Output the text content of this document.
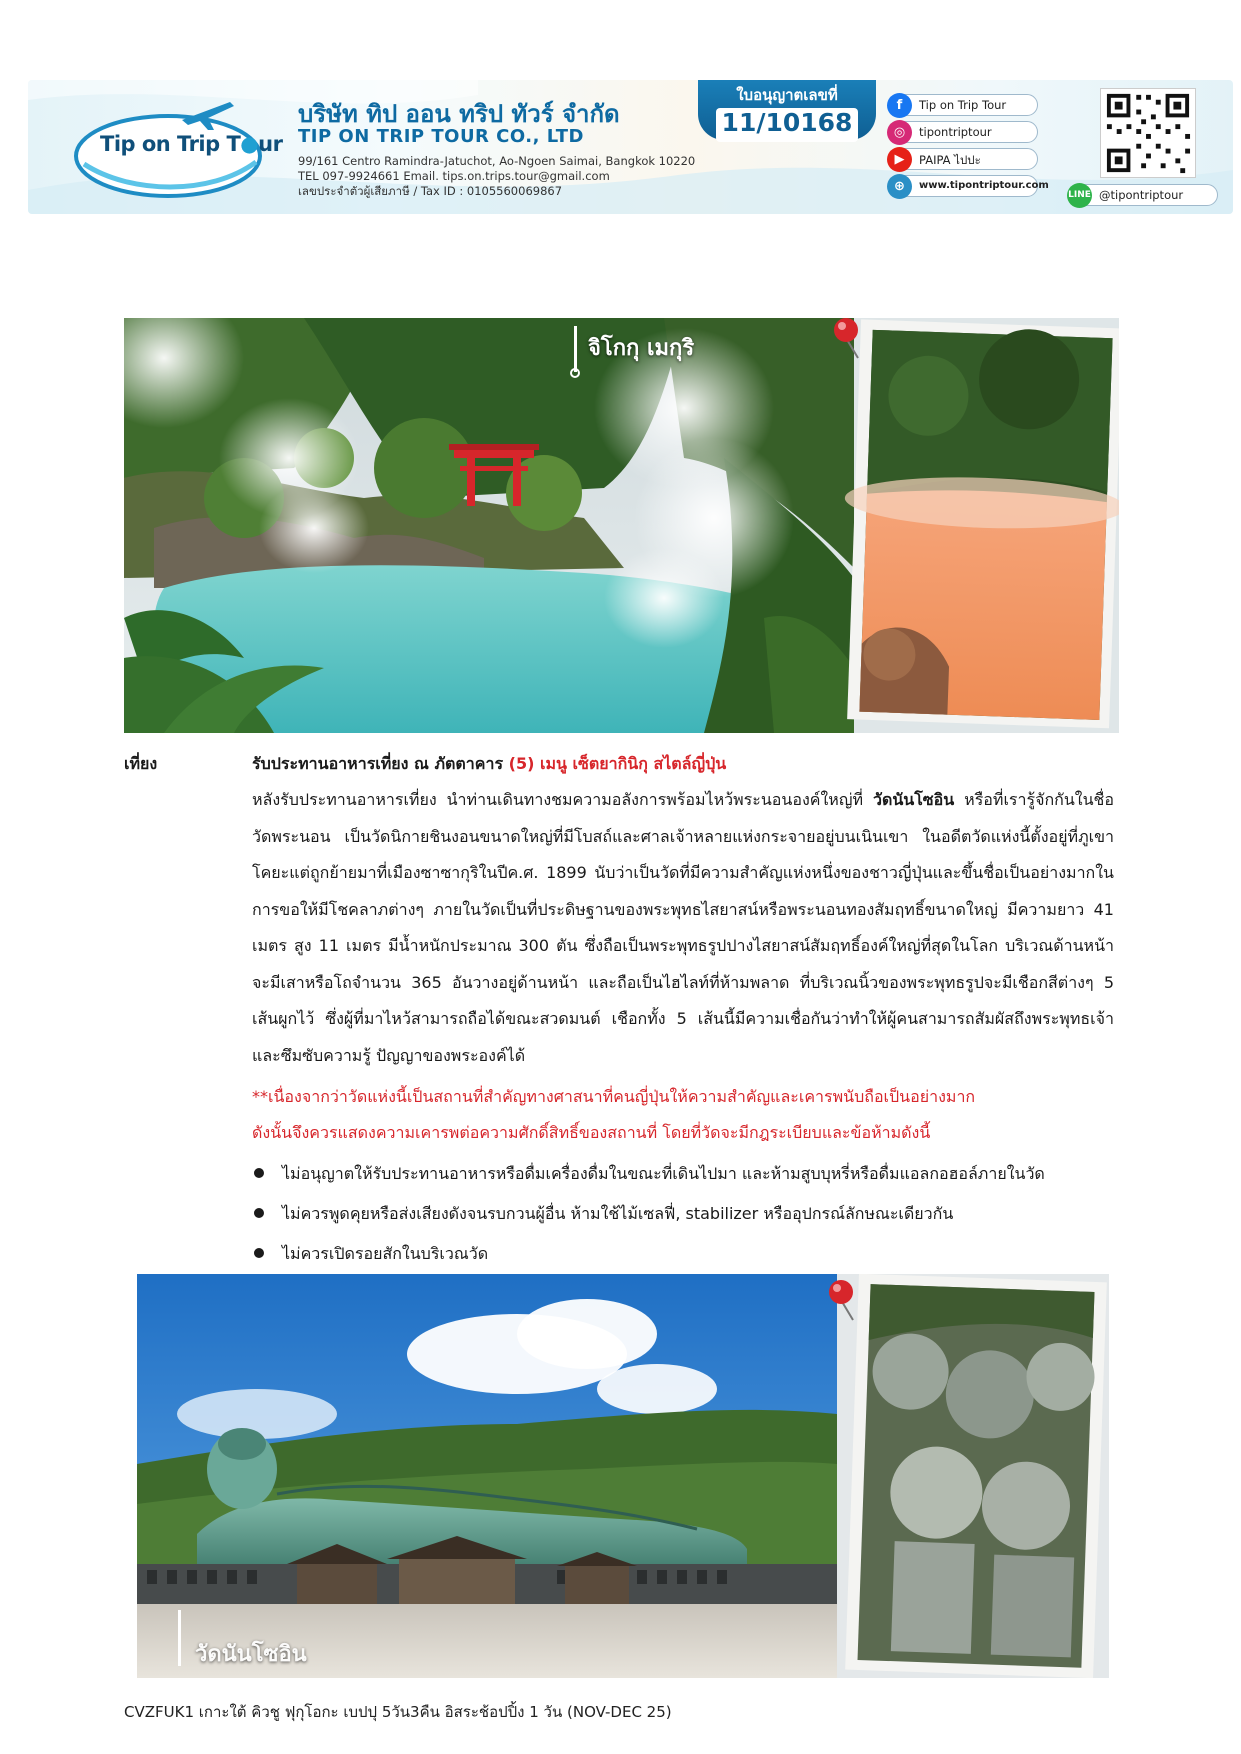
Tip on Trip T●ur
บริษัท ทิป ออน ทริป ทัวร์ จำกัด
TIP ON TRIP TOUR CO., LTD
99/161 Centro Ramindra-Jatuchot, Ao-Ngoen Saimai, Bangkok 10220
TEL 097-9924661 Email. tips.on.trips.tour@gmail.com
เลขประจำตัวผู้เสียภาษี / Tax ID : 0105560069867
ใบอนุญาตเลขที่
11/10168
f	Tip on Trip Tour
◎	tipontriptour
▶	PAIPA ไปปะ
⊕	www.tipontriptour.com
LINE @tipontriptour
จิโกกุ เมกุริ
เที่ยง	รับประทานอาหารเที่ยง ณ ภัตตาคาร (5) เมนู เซ็ตยากินิกุ สไตล์ญี่ปุ่น
หลังรับประทานอาหารเที่ยง นำท่านเดินทางชมความอลังการพร้อมไหว้พระนอนองค์ใหญ่ที่ วัดนันโซอิน หรือที่เรารู้จักกันในชื่อ วัดพระนอน เป็นวัดนิกายชินงอนขนาดใหญ่ที่มีโบสถ์และศาลเจ้าหลายแห่งกระจายอยู่บนเนินเขา ในอดีตวัดแห่งนี้ตั้งอยู่ที่ภูเขาโคยะแต่ถูกย้ายมาที่เมืองซาซากุริในปีค.ศ. 1899 นับว่าเป็นวัดที่มีความสำคัญแห่งหนึ่งของชาวญี่ปุ่นและขึ้นชื่อเป็นอย่างมากในการขอให้มีโชคลาภต่างๆ ภายในวัดเป็นที่ประดิษฐานของพระพุทธไสยาสน์หรือพระนอนทองสัมฤทธิ์ขนาดใหญ่ มีความยาว 41 เมตร สูง 11 เมตร มีน้ำหนักประมาณ 300 ตัน ซึ่งถือเป็นพระพุทธรูปปางไสยาสน์สัมฤทธิ์องค์ใหญ่ที่สุดในโลก บริเวณด้านหน้าจะมีเสาหรือโถจำนวน 365 อันวางอยู่ด้านหน้า และถือเป็นไฮไลท์ที่ห้ามพลาด ที่บริเวณนิ้วของพระพุทธรูปจะมีเชือกสีต่างๆ 5 เส้นผูกไว้ ซึ่งผู้ที่มาไหว้สามารถถือได้ขณะสวดมนต์ เชือกทั้ง 5 เส้นนี้มีความเชื่อกันว่าทำให้ผู้คนสามารถสัมผัสถึงพระพุทธเจ้าและซึมซับความรู้ ปัญญาของพระองค์ได้
**เนื่องจากว่าวัดแห่งนี้เป็นสถานที่สำคัญทางศาสนาที่คนญี่ปุ่นให้ความสำคัญและเคารพนับถือเป็นอย่างมาก
ดังนั้นจึงควรแสดงความเคารพต่อความศักดิ์สิทธิ์ของสถานที่ โดยที่วัดจะมีกฎระเบียบและข้อห้ามดังนี้
ไม่อนุญาตให้รับประทานอาหารหรือดื่มเครื่องดื่มในขณะที่เดินไปมา และห้ามสูบบุหรี่หรือดื่มแอลกอฮอล์ภายในวัด
ไม่ควรพูดคุยหรือส่งเสียงดังจนรบกวนผู้อื่น ห้ามใช้ไม้เซลฟี่, stabilizer หรืออุปกรณ์ลักษณะเดียวกัน
ไม่ควรเปิดรอยสักในบริเวณวัด
วัดนันโซอิน
CVZFUK1 เกาะใต้ คิวชู ฟุกุโอกะ เบปปุ 5วัน3คืน อิสระช้อปปิ้ง 1 วัน (NOV-DEC 25)
